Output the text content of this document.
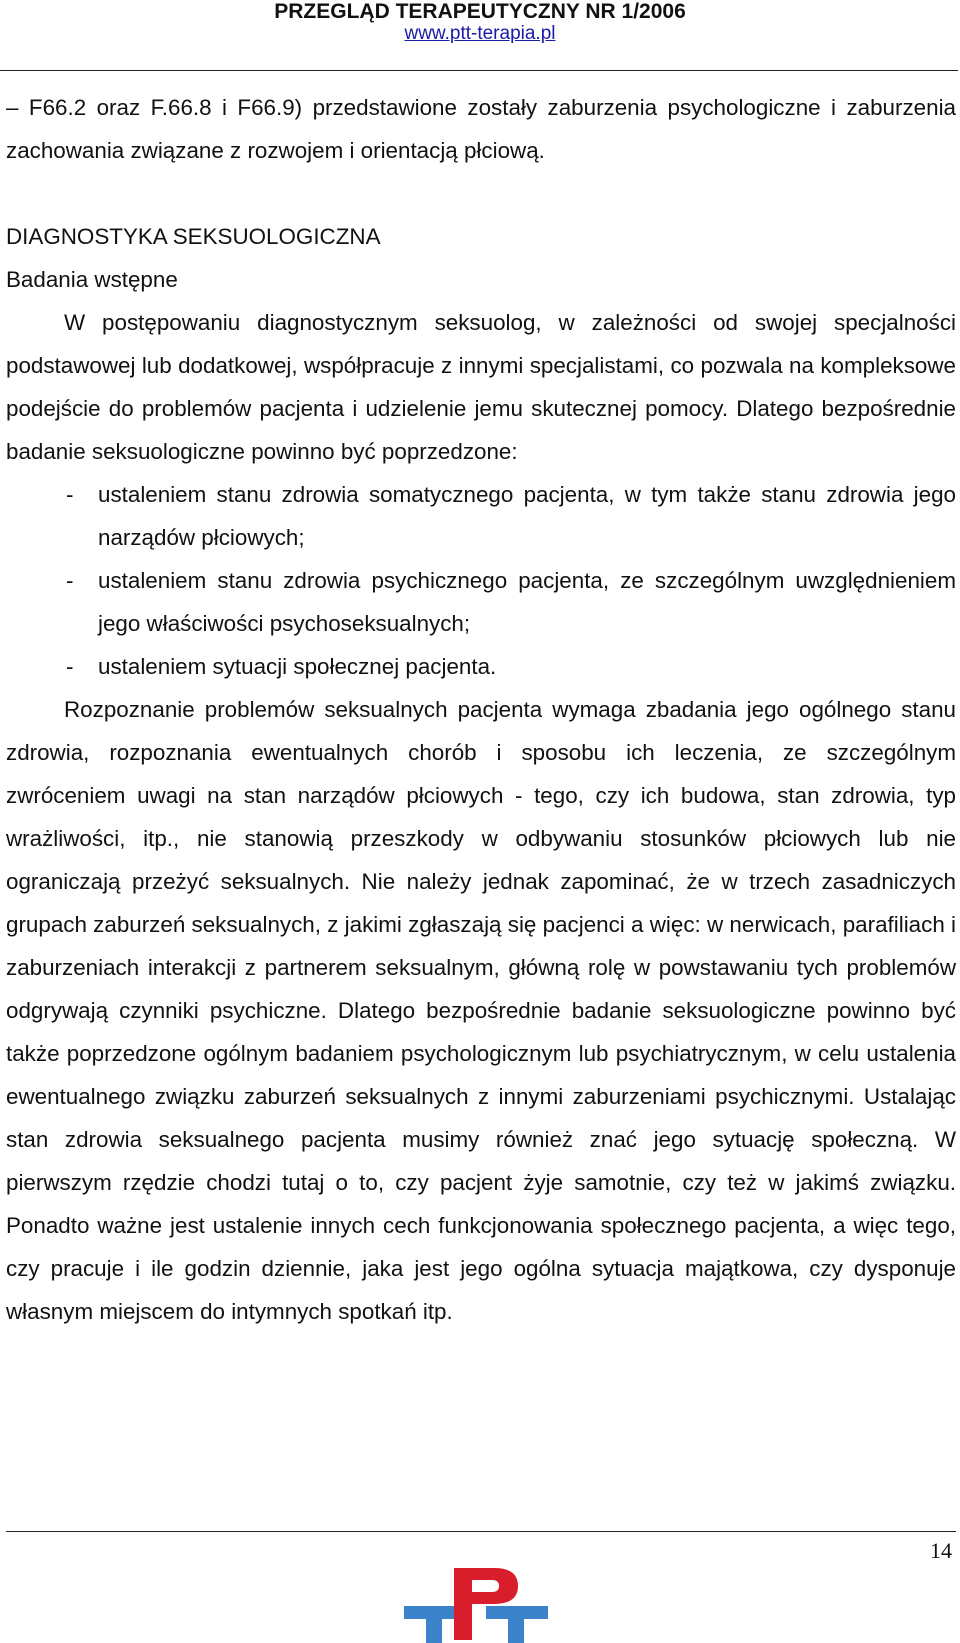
PRZEGLĄD TERAPEUTYCZNY NR 1/2006
www.ptt-terapia.pl

– F66.2 oraz F.66.8 i F66.9) przedstawione zostały zaburzenia psychologiczne i zaburzenia zachowania związane z rozwojem i orientacją płciową.

DIAGNOSTYKA SEKSUOLOGICZNA

Badania wstępne

W postępowaniu diagnostycznym seksuolog, w zależności od swojej specjalności podstawowej lub dodatkowej, współpracuje z innymi specjalistami, co pozwala na kompleksowe podejście do problemów pacjenta i udzielenie jemu skutecznej pomocy. Dlatego bezpośrednie badanie seksuologiczne powinno być poprzedzone:

- ustaleniem stanu zdrowia somatycznego pacjenta, w tym także stanu zdrowia jego narządów płciowych;
- ustaleniem stanu zdrowia psychicznego pacjenta, ze szczególnym uwzględnieniem jego właściwości psychoseksualnych;
- ustaleniem sytuacji społecznej pacjenta.

Rozpoznanie problemów seksualnych pacjenta wymaga zbadania jego ogólnego stanu zdrowia, rozpoznania ewentualnych chorób i sposobu ich leczenia, ze szczególnym zwróceniem uwagi na stan narządów płciowych - tego, czy ich budowa, stan zdrowia, typ wrażliwości, itp., nie stanowią przeszkody w odbywaniu stosunków płciowych lub nie ograniczają przeżyć seksualnych. Nie należy jednak zapominać, że w trzech zasadniczych grupach zaburzeń seksualnych, z jakimi zgłaszają się pacjenci a więc: w nerwicach, parafiliach i zaburzeniach interakcji z partnerem seksualnym, główną rolę w powstawaniu tych problemów odgrywają czynniki psychiczne. Dlatego bezpośrednie badanie seksuologiczne powinno być także poprzedzone ogólnym badaniem psychologicznym lub psychiatrycznym, w celu ustalenia ewentualnego związku zaburzeń seksualnych z innymi zaburzeniami psychicznymi. Ustalając stan zdrowia seksualnego pacjenta musimy również znać jego sytuację społeczną. W pierwszym rzędzie chodzi tutaj o to, czy pacjent żyje samotnie, czy też w jakimś związku. Ponadto ważne jest ustalenie innych cech funkcjonowania społecznego pacjenta, a więc tego, czy pracuje i ile godzin dziennie, jaka jest jego ogólna sytuacja majątkowa, czy dysponuje własnym miejscem do intymnych spotkań itp.

14
